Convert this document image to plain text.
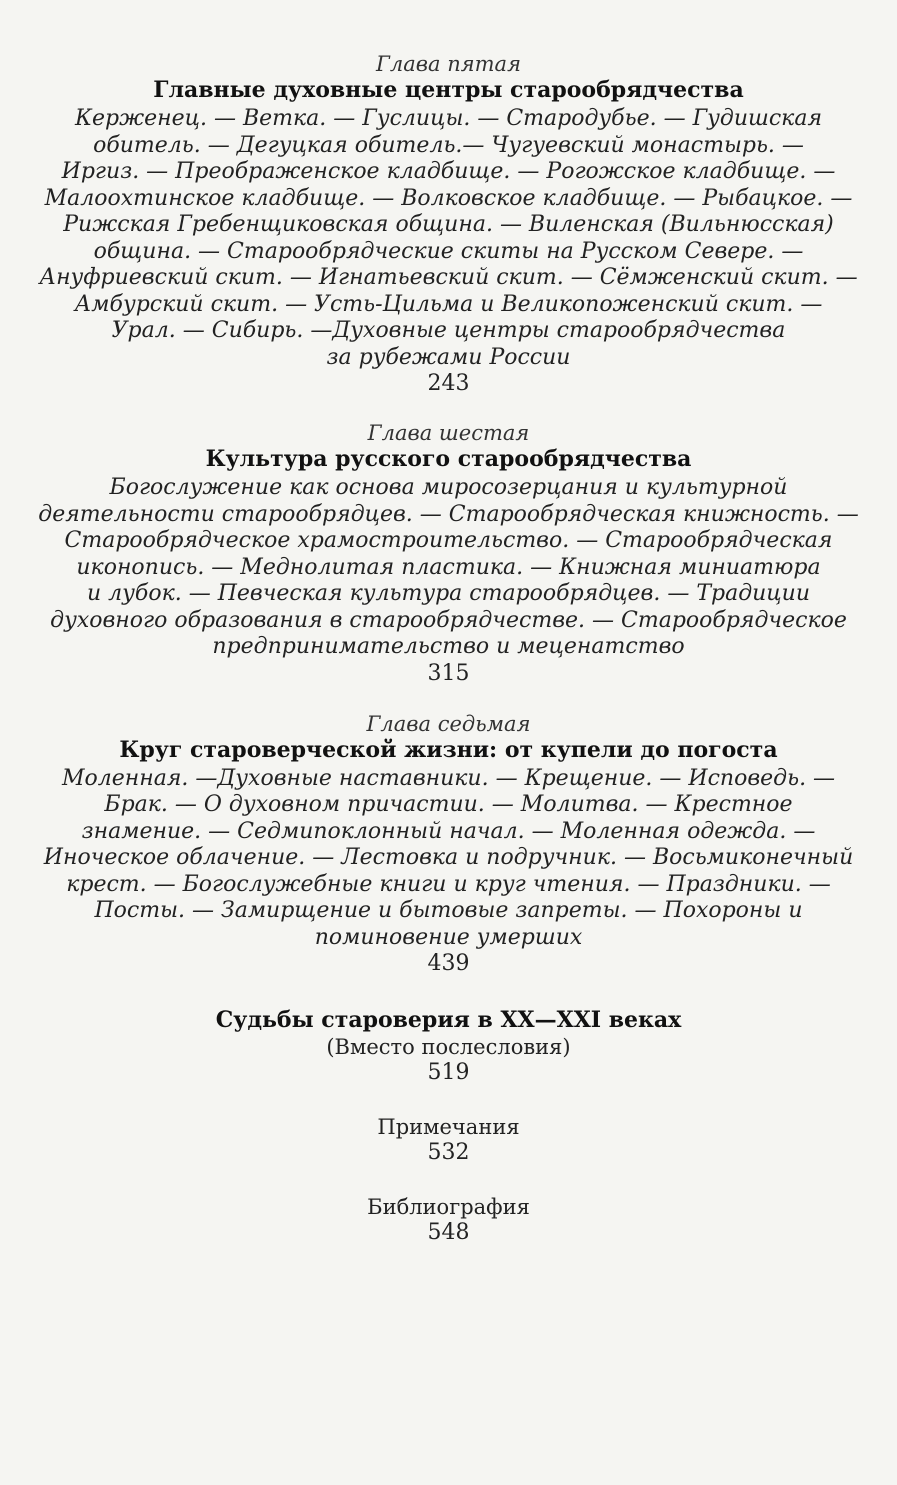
Глава пятая
Главные духовные центры старообрядчества
Керженец. — Ветка. — Гуслицы. — Стародубье. — Гудишская
обитель. — Дегуцкая обитель.— Чугуевский монастырь. —
Иргиз. — Преображенское кладбище. — Рогожское кладбище. —
Малоохтинское кладбище. — Волковское кладбище. — Рыбацкое. —
Рижская Гребенщиковская община. — Виленская (Вильнюсская)
община. — Старообрядческие скиты на Русском Севере. —
Ануфриевский скит. — Игнатьевский скит. — Сёмженский скит. —
Амбурский скит. — Усть-Цильма и Великопоженский скит. —
Урал. — Сибирь. —Духовные центры старообрядчества
за рубежами России
243
Глава шестая
Культура русского старообрядчества
Богослужение как основа миросозерцания и культурной
деятельности старообрядцев. — Старообрядческая книжность. —
Старообрядческое храмостроительство. — Старообрядческая
иконопись. — Меднолитая пластика. — Книжная миниатюра
и лубок. — Певческая культура старообрядцев. — Традиции
духовного образования в старообрядчестве. — Старообрядческое
предпринимательство и меценатство
315
Глава седьмая
Круг староверческой жизни: от купели до погоста
Моленная. —Духовные наставники. — Крещение. — Исповедь. —
Брак. — О духовном причастии. — Молитва. — Крестное
знамение. — Седмипоклонный начал. — Моленная одежда. —
Иноческое облачение. — Лестовка и подручник. — Восьмиконечный
крест. — Богослужебные книги и круг чтения. — Праздники. —
Посты. — Замирщение и бытовые запреты. — Похороны и
поминовение умерших
439
Судьбы староверия в XX—XXI веках
(Вместо послесловия)
519
Примечания
532
Библиография
548
